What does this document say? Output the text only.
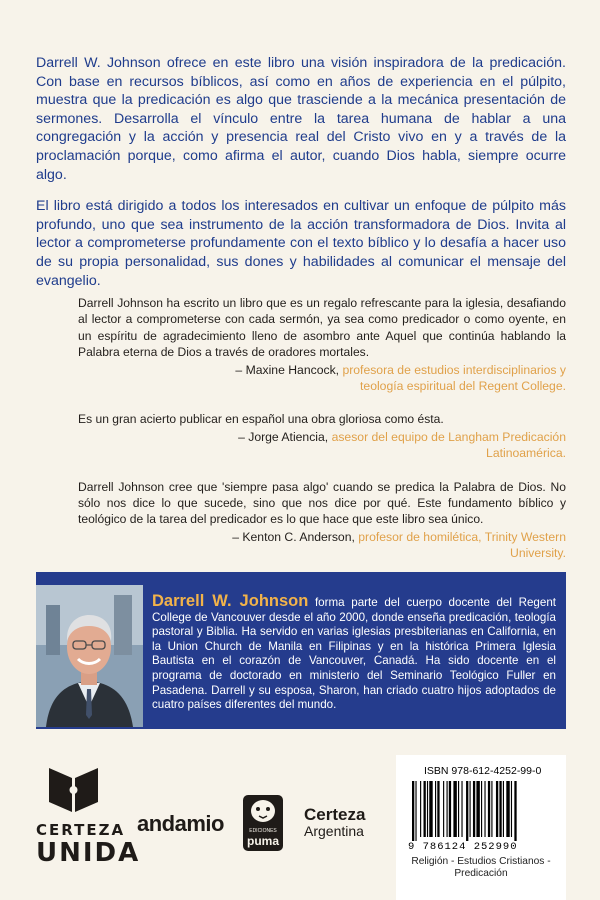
Darrell W. Johnson ofrece en este libro una visión inspiradora de la predicación. Con base en recursos bíblicos, así como en años de experiencia en el púlpito, muestra que la predicación es algo que trasciende a la mecánica presentación de sermones. Desarrolla el vínculo entre la tarea humana de hablar a una congregación y la acción y presencia real del Cristo vivo en y a través de la proclamación porque, como afirma el autor, cuando Dios habla, siempre ocurre algo.

El libro está dirigido a todos los interesados en cultivar un enfoque de púlpito más profundo, uno que sea instrumento de la acción transformadora de Dios. Invita al lector a comprometerse profundamente con el texto bíblico y lo desafía a hacer uso de su propia personalidad, sus dones y habilidades al comunicar el mensaje del evangelio.

Darrell Johnson ha escrito un libro que es un regalo refrescante para la iglesia, desafiando al lector a comprometerse con cada sermón, ya sea como predicador o como oyente, en un espíritu de agradecimiento lleno de asombro ante Aquel que continúa hablando la Palabra eterna de Dios a través de oradores mortales.
– Maxine Hancock, profesora de estudios interdisciplinarios y
teología espiritual del Regent College.
Es un gran acierto publicar en español una obra gloriosa como ésta.
– Jorge Atiencia, asesor del equipo de Langham Predicación
Latinoamérica.
Darrell Johnson cree que 'siempre pasa algo' cuando se predica la Palabra de Dios. No sólo nos dice lo que sucede, sino que nos dice por qué. Este fundamento bíblico y teológico de la tarea del predicador es lo que hace que este libro sea único.
– Kenton C. Anderson, profesor de homilética, Trinity Western
University.
Darrell W. Johnson forma parte del cuerpo docente del Regent College de Vancouver desde el año 2000, donde enseña predicación, teología pastoral y Biblia. Ha servido en varias iglesias presbiterianas en California, en la Union Church de Manila en Filipinas y en la histórica Primera Iglesia Bautista en el corazón de Vancouver, Canadá. Ha sido docente en el programa de doctorado en ministerio del Seminario Teológico Fuller en Pasadena. Darrell y su esposa, Sharon, han criado cuatro hijos adoptados de cuatro países diferentes del mundo.
CERTEZA
UNIDA
andamio	EDICIONES
puma
Certeza
Argentina
ISBN 978-612-4252-99-0
9 786124 252990
Religión - Estudios Cristianos -
Predicación
